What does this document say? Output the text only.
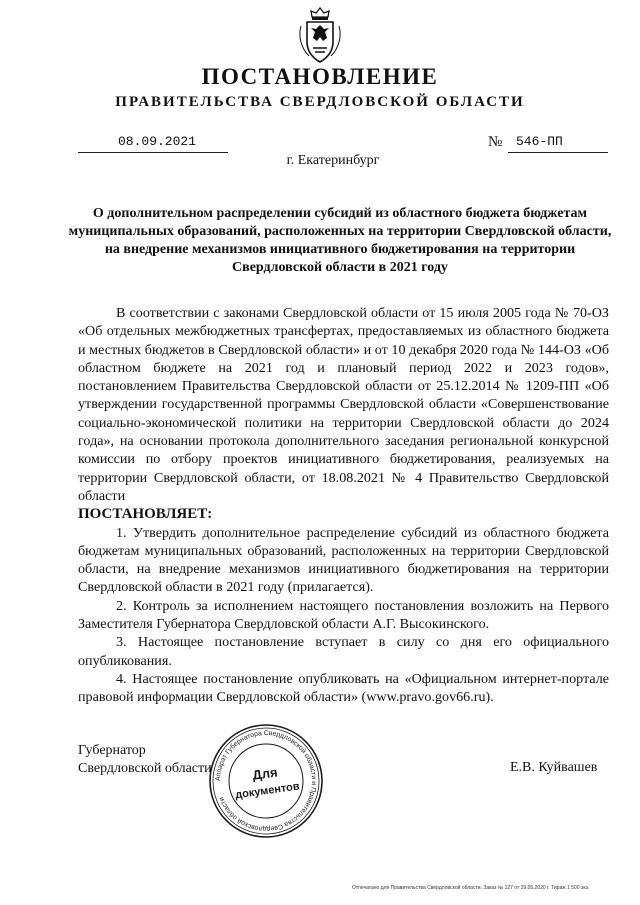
ПОСТАНОВЛЕНИЕ
ПРАВИТЕЛЬСТВА СВЕРДЛОВСКОЙ ОБЛАСТИ
08.09.2021	№ 546-ПП
г. Екатеринбург
О дополнительном распределении субсидий из областного бюджета бюджетам муниципальных образований, расположенных на территории Свердловской области, на внедрение механизмов инициативного бюджетирования на территории Свердловской области в 2021 году

В соответствии с законами Свердловской области от 15 июля 2005 года № 70-ОЗ «Об отдельных межбюджетных трансфертах, предоставляемых из областного бюджета и местных бюджетов в Свердловской области» и от 10 декабря 2020 года № 144-ОЗ «Об областном бюджете на 2021 год и плановый период 2022 и 2023 годов», постановлением Правительства Свердловской области от 25.12.2014 № 1209-ПП «Об утверждении государственной программы Свердловской области «Совершенствование социально-экономической политики на территории Свердловской области до 2024 года», на основании протокола дополнительного заседания региональной конкурсной комиссии по отбору проектов инициативного бюджетирования, реализуемых на территории Свердловской области, от 18.08.2021 № 4 Правительство Свердловской области

ПОСТАНОВЛЯЕТ:

1. Утвердить дополнительное распределение субсидий из областного бюджета бюджетам муниципальных образований, расположенных на территории Свердловской области, на внедрение механизмов инициативного бюджетирования на территории Свердловской области в 2021 году (прилагается).

2. Контроль за исполнением настоящего постановления возложить на Первого Заместителя Губернатора Свердловской области А.Г. Высокинского.

3. Настоящее постановление вступает в силу со дня его официального опубликования.

4. Настоящее постановление опубликовать на «Официальном интернет-портале правовой информации Свердловской области» (www.pravo.gov66.ru).

Губернатор
Свердловской области	Е.В. Куйвашев
Аппарат Губернатора Свердловской области и Правительства Свердловской области
Для
документов
Отпечатано для Правительства Свердловской области. Заказ № 127 от 29.05.2020 г. Тираж 1 500 экз.
